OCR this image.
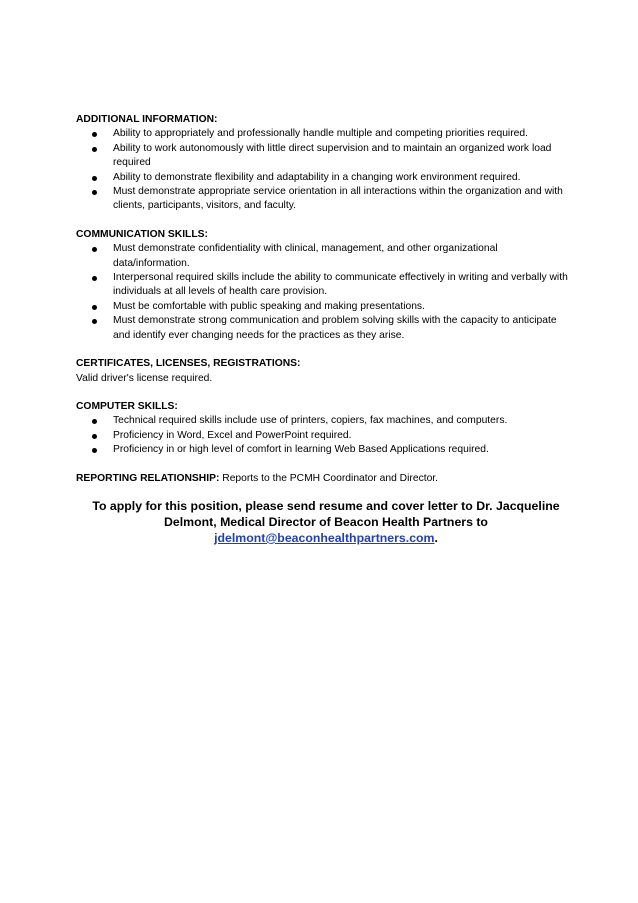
ADDITIONAL INFORMATION:
Ability to appropriately and professionally handle multiple and competing priorities required.
Ability to work autonomously with little direct supervision and to maintain an organized work load required
Ability to demonstrate flexibility and adaptability in a changing work environment required.
Must demonstrate appropriate service orientation in all interactions within the organization and with clients, participants, visitors, and faculty.
COMMUNICATION SKILLS:
Must demonstrate confidentiality with clinical, management, and other organizational data/information.
Interpersonal required skills include the ability to communicate effectively in writing and verbally with individuals at all levels of health care provision.
Must be comfortable with public speaking and making presentations.
Must demonstrate strong communication and problem solving skills with the capacity to anticipate and identify ever changing needs for the practices as they arise.
CERTIFICATES, LICENSES, REGISTRATIONS:
Valid driver's license required.
COMPUTER SKILLS:
Technical required skills include use of printers, copiers, fax machines, and computers.
Proficiency in Word, Excel and PowerPoint required.
Proficiency in or high level of comfort in learning Web Based Applications required.
REPORTING RELATIONSHIP: Reports to the PCMH Coordinator and Director.
To apply for this position, please send resume and cover letter to Dr. Jacqueline Delmont, Medical Director of Beacon Health Partners to jdelmont@beaconhealthpartners.com.
